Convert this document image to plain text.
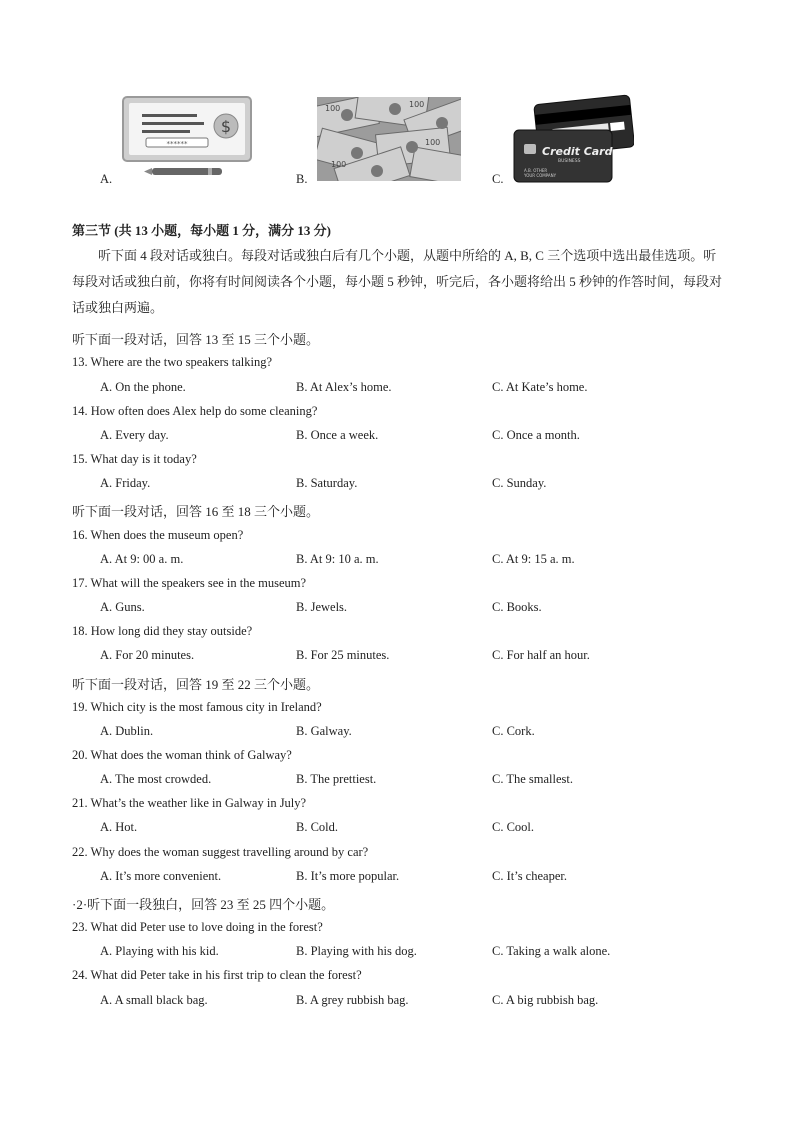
******
$
A.
100	100
100
100
B.
Credit Card
BUSINESS
A.B. OTHER
YOUR COMPANY
C.
第三节 (共 13 小题，每小题 1 分，满分 13 分)
听下面 4 段对话或独白。每段对话或独白后有几个小题，从题中所给的 A, B, C 三个选项中选出最佳选项。听每段对话或独白前，你将有时间阅读各个小题，每小题 5 秒钟，听完后，各小题将给出 5 秒钟的作答时间，每段对话或独白两遍。
听下面一段对话，回答 13 至 15 三个小题。
13. Where are the two speakers talking?
A. On the phone.	B. At Alex’s home.	C. At Kate’s home.
14. How often does Alex help do some cleaning?
A. Every day.	B. Once a week.	C. Once a month.
15. What day is it today?
A. Friday.	B. Saturday.	C. Sunday.
听下面一段对话，回答 16 至 18 三个小题。
16. When does the museum open?
A. At 9: 00 a. m.	B. At 9: 10 a. m.	C. At 9: 15 a. m.
17. What will the speakers see in the museum?
A. Guns.	B. Jewels.	C. Books.
18. How long did they stay outside?
A. For 20 minutes.	B. For 25 minutes.	C. For half an hour.
听下面一段对话，回答 19 至 22 三个小题。
19. Which city is the most famous city in Ireland?
A. Dublin.	B. Galway.	C. Cork.
20. What does the woman think of Galway?
A. The most crowded.	B. The prettiest.	C. The smallest.
21. What’s the weather like in Galway in July?
A. Hot.	B. Cold.	C. Cool.
22. Why does the woman suggest travelling around by car?
A. It’s more convenient.	B. It’s more popular.	C. It’s cheaper.
·2·听下面一段独白，回答 23 至 25 四个小题。
23. What did Peter use to love doing in the forest?
A. Playing with his kid.	B. Playing with his dog.	C. Taking a walk alone.
24. What did Peter take in his first trip to clean the forest?
A. A small black bag.	B. A grey rubbish bag.	C. A big rubbish bag.
